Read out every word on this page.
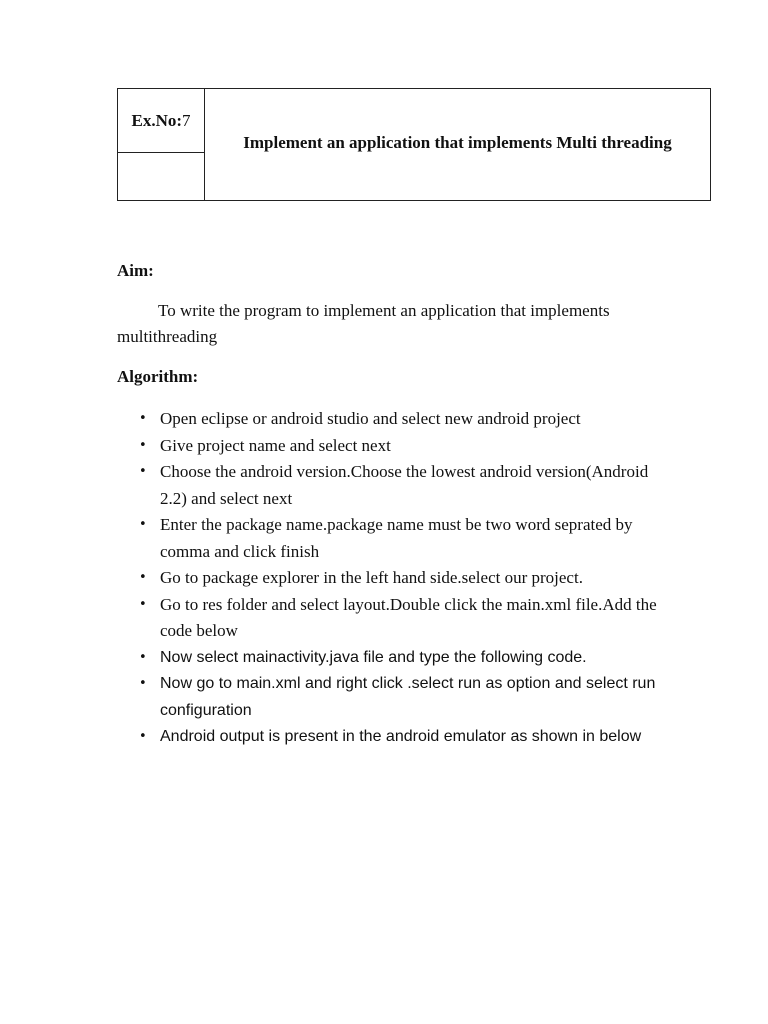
Ex.No: 7
Implement an application that implements Multi threading
Aim:
To write the program to implement an application that implements multithreading
Algorithm:
• Open eclipse or android studio and select new android project
• Give project name and select next
• Choose the android version.Choose the lowest android version(Android 2.2) and select next
• Enter the package name.package name must be two word seprated by comma and click finish
• Go to package explorer in the left hand side.select our project.
• Go to res folder and select layout.Double click the main.xml file.Add the code below
• Now select mainactivity.java file and type the following code.
• Now go to main.xml and right click .select run as option and select run configuration
• Android output is present in the android emulator as shown in below
